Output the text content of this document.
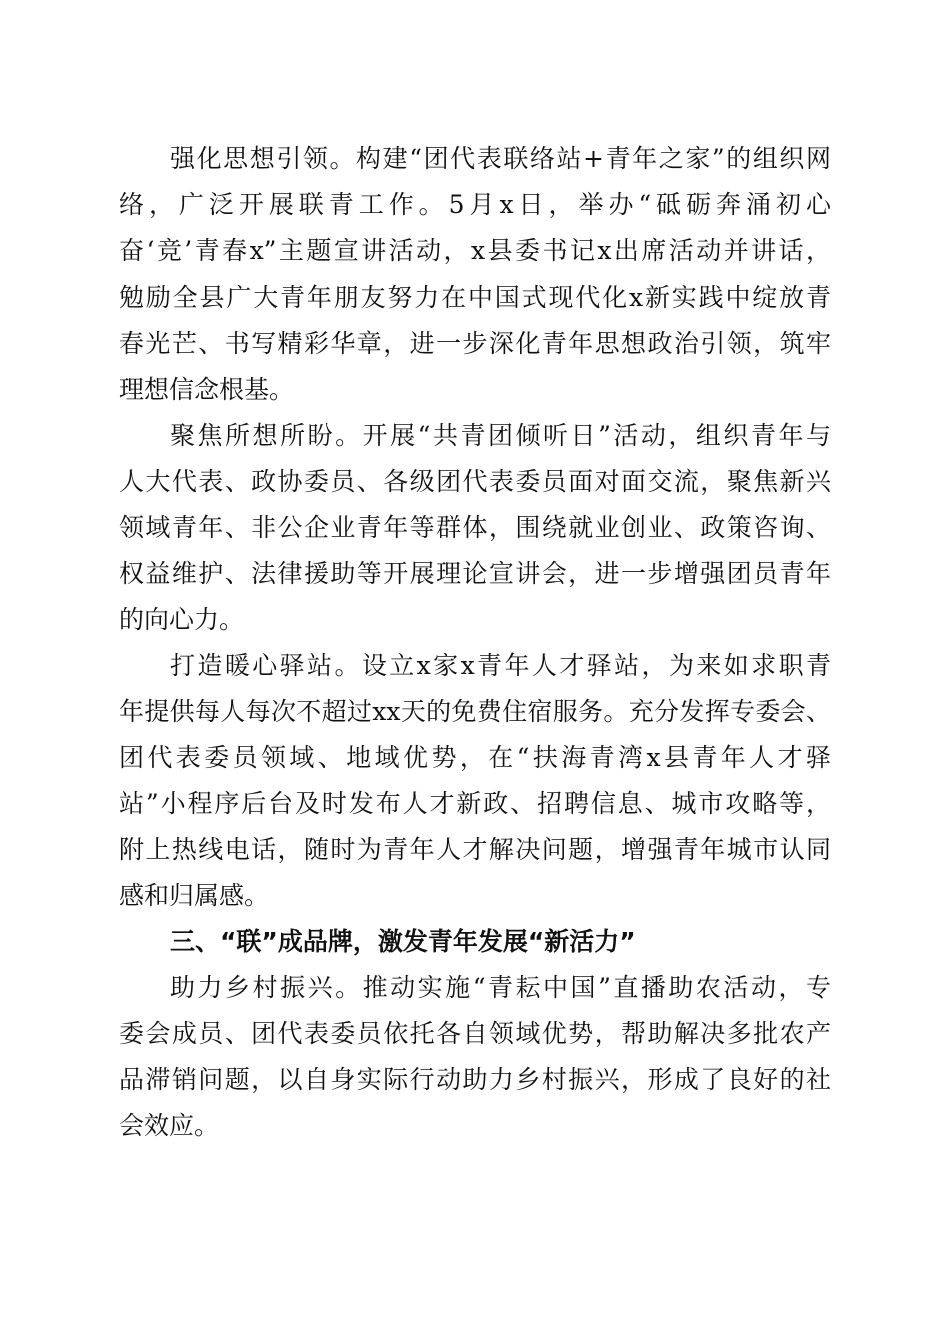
强化思想引领。构建“团代表联络站+青年之家”的组织网

络，广泛开展联青工作。5月x日，举办“砥砺奔涌初心

奋‘竞’青春x”主题宣讲活动，x县委书记x出席活动并讲话，

勉励全县广大青年朋友努力在中国式现代化x新实践中绽放青

春光芒、书写精彩华章，进一步深化青年思想政治引领，筑牢

理想信念根基。

聚焦所想所盼。开展“共青团倾听日”活动，组织青年与

人大代表、政协委员、各级团代表委员面对面交流，聚焦新兴

领域青年、非公企业青年等群体，围绕就业创业、政策咨询、

权益维护、法律援助等开展理论宣讲会，进一步增强团员青年

的向心力。

打造暖心驿站。设立x家x青年人才驿站，为来如求职青

年提供每人每次不超过xx天的免费住宿服务。充分发挥专委会、

团代表委员领域、地域优势，在“扶海青湾x县青年人才驿

站”小程序后台及时发布人才新政、招聘信息、城市攻略等，

附上热线电话，随时为青年人才解决问题，增强青年城市认同

感和归属感。

三、“联”成品牌，激发青年发展“新活力”

助力乡村振兴。推动实施“青耘中国”直播助农活动，专

委会成员、团代表委员依托各自领域优势，帮助解决多批农产

品滞销问题，以自身实际行动助力乡村振兴，形成了良好的社

会效应。
